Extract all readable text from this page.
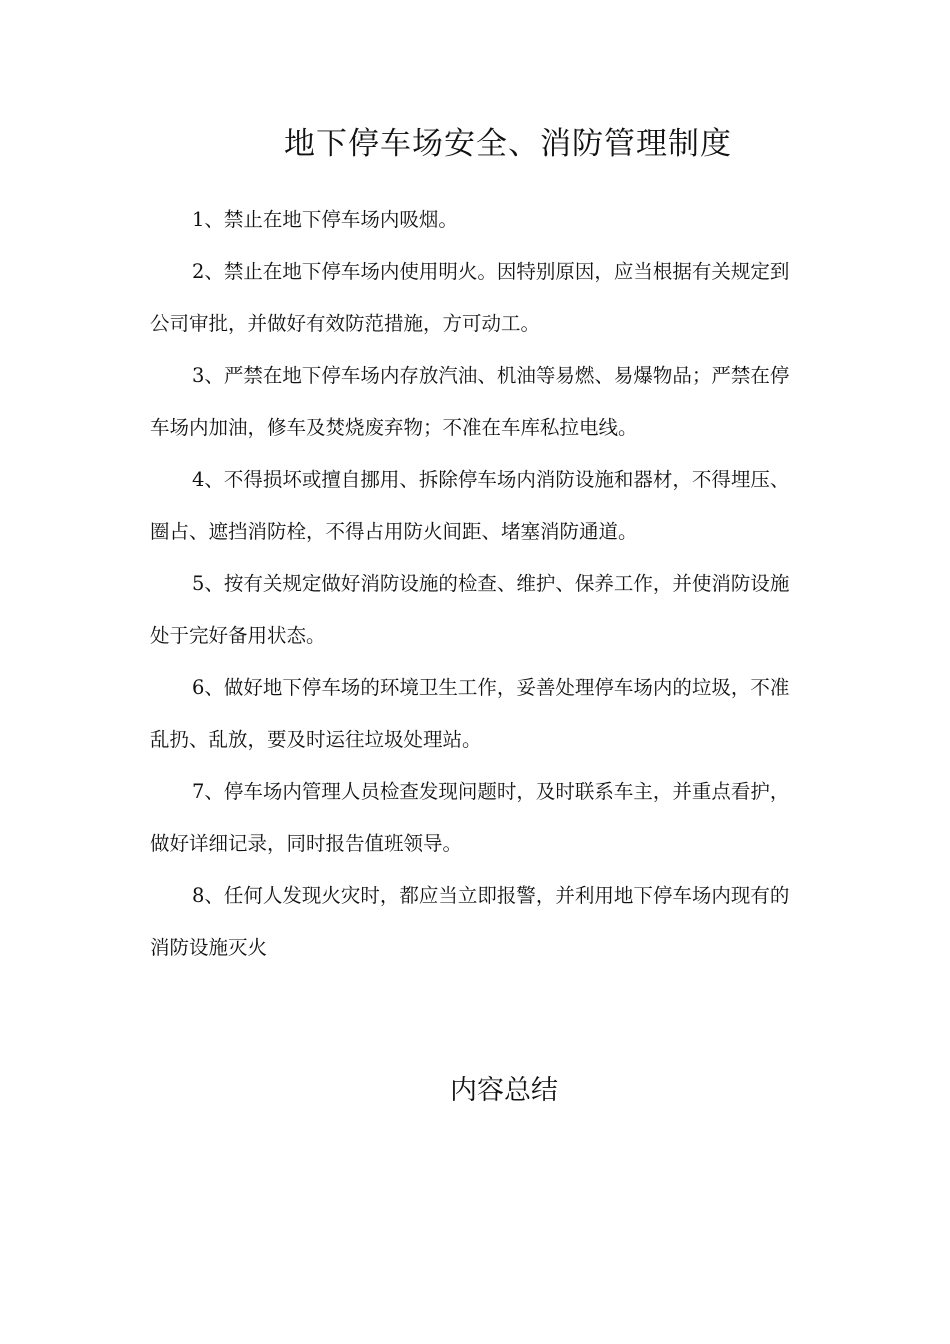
地下停车场安全、消防管理制度
1、禁止在地下停车场内吸烟。
2、禁止在地下停车场内使用明火。因特别原因，应当根据有关规定到公司审批，并做好有效防范措施，方可动工。
3、严禁在地下停车场内存放汽油、机油等易燃、易爆物品；严禁在停车场内加油，修车及焚烧废弃物；不准在车库私拉电线。
4、不得损坏或擅自挪用、拆除停车场内消防设施和器材，不得埋压、圈占、遮挡消防栓，不得占用防火间距、堵塞消防通道。
5、按有关规定做好消防设施的检查、维护、保养工作，并使消防设施处于完好备用状态。
6、做好地下停车场的环境卫生工作，妥善处理停车场内的垃圾，不准乱扔、乱放，要及时运往垃圾处理站。
7、停车场内管理人员检查发现问题时，及时联系车主，并重点看护，做好详细记录，同时报告值班领导。
8、任何人发现火灾时，都应当立即报警，并利用地下停车场内现有的消防设施灭火
内容总结
